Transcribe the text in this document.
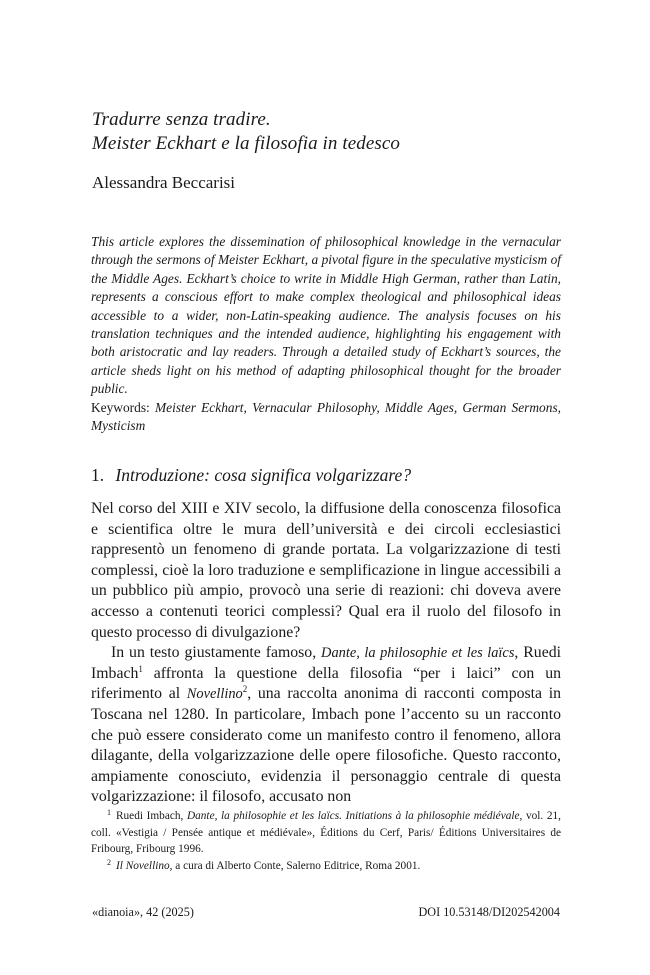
Tradurre senza tradire.
Meister Eckhart e la filosofia in tedesco
Alessandra Beccarisi

This article explores the dissemination of philosophical knowledge in the vernacular through the sermons of Meister Eckhart, a pivotal figure in the speculative mysticism of the Middle Ages. Eckhart’s choice to write in Middle High German, rather than Latin, represents a conscious effort to make complex theological and philosophical ideas accessible to a wider, non-Latin-speaking audience. The analysis focuses on his translation techniques and the intended audience, highlighting his engagement with both aristocratic and lay readers. Through a detailed study of Eckhart’s sources, the article sheds light on his method of adapting philosophical thought for the broader public.

Keywords: Meister Eckhart, Vernacular Philosophy, Middle Ages, German Sermons, Mysticism

1. Introduzione: cosa significa volgarizzare?

Nel corso del XIII e XIV secolo, la diffusione della conoscenza filosofica e scientifica oltre le mura dell’università e dei circoli ecclesiastici rappresentò un fenomeno di grande portata. La volgarizzazione di testi complessi, cioè la loro traduzione e semplificazione in lingue accessibili a un pubblico più ampio, provocò una serie di reazioni: chi doveva avere accesso a contenuti teorici complessi? Qual era il ruolo del filosofo in questo processo di divulgazione?

In un testo giustamente famoso, Dante, la philosophie et les laïcs, Ruedi Imbach$^1$ affronta la questione della filosofia “per i laici” con un riferimento al Novellino$^2$, una raccolta anonima di racconti composta in Toscana nel 1280. In particolare, Imbach pone l’accento su un racconto che può essere considerato come un manifesto contro il fenomeno, allora dilagante, della volgarizzazione delle opere filosofiche. Questo racconto, ampiamente conosciuto, evidenzia il personaggio centrale di questa volgarizzazione: il filosofo, accusato non

$^1$ Ruedi Imbach, Dante, la philosophie et les laïcs. Initiations à la philosophie médiévale, vol. 21, coll. «Vestigia / Pensée antique et médiévale», Éditions du Cerf, Paris/ Éditions Universitaires de Fribourg, Fribourg 1996.

$^2$ Il Novellino, a cura di Alberto Conte, Salerno Editrice, Roma 2001.

«dianoia», 42 (2025)	DOI 10.53148/DI202542004
